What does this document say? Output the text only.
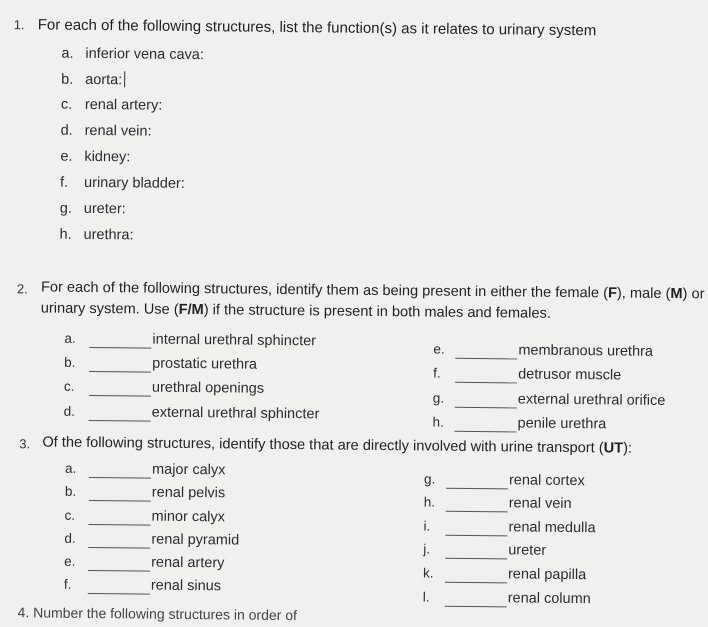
1. For each of the following structures, list the function(s) as it relates to urinary system
a. inferior vena cava:
b. aorta:
c. renal artery:
d. renal vein:
e. kidney:
f. urinary bladder:
g. ureter:
h. urethra:
2. For each of the following structures, identify them as being present in either the female (F), male (M) or
urinary system. Use (F/M) if the structure is present in both males and females.
a.	internal urethral sphincter
b.	prostatic urethra
c.	urethral openings
d.	external urethral sphincter
e.	membranous urethra
f.	detrusor muscle
g.	external urethral orifice
h.	penile urethra
3. Of the following structures, identify those that are directly involved with urine transport (UT):
a.	major calyx
b.	renal pelvis
c.	minor calyx
d.	renal pyramid
e.	renal artery
f.	renal sinus
g.	renal cortex
h.	renal vein
i.	renal medulla
j.	ureter
k.	renal papilla
l.	renal column
4. Number the following structures in order of
